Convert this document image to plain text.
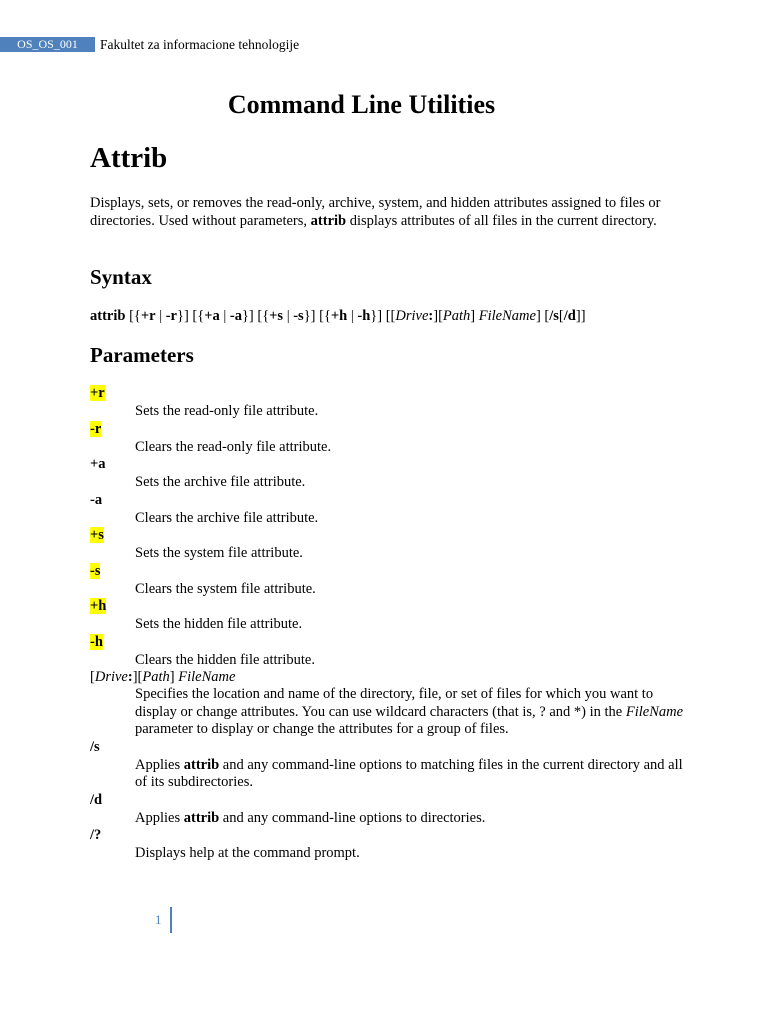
OS_OS_001	Fakultet za informacione tehnologije
Command Line Utilities
Attrib

Displays, sets, or removes the read-only, archive, system, and hidden attributes assigned to files or directories. Used without parameters, attrib displays attributes of all files in the current directory.

Syntax

attrib [{+r | -r}] [{+a | -a}] [{+s | -s}] [{+h | -h}] [[Drive:][Path] FileName] [/s[/d]]

Parameters
+r
Sets the read-only file attribute.
-r
Clears the read-only file attribute.
+a
Sets the archive file attribute.
-a
Clears the archive file attribute.
+s
Sets the system file attribute.
-s
Clears the system file attribute.
+h
Sets the hidden file attribute.
-h
Clears the hidden file attribute.
[Drive:][Path] FileName
Specifies the location and name of the directory, file, or set of files for which you want to display or change attributes. You can use wildcard characters (that is, ? and *) in the FileName parameter to display or change the attributes for a group of files.
/s
Applies attrib and any command-line options to matching files in the current directory and all of its subdirectories.
/d
Applies attrib and any command-line options to directories.
/?
Displays help at the command prompt.
1
